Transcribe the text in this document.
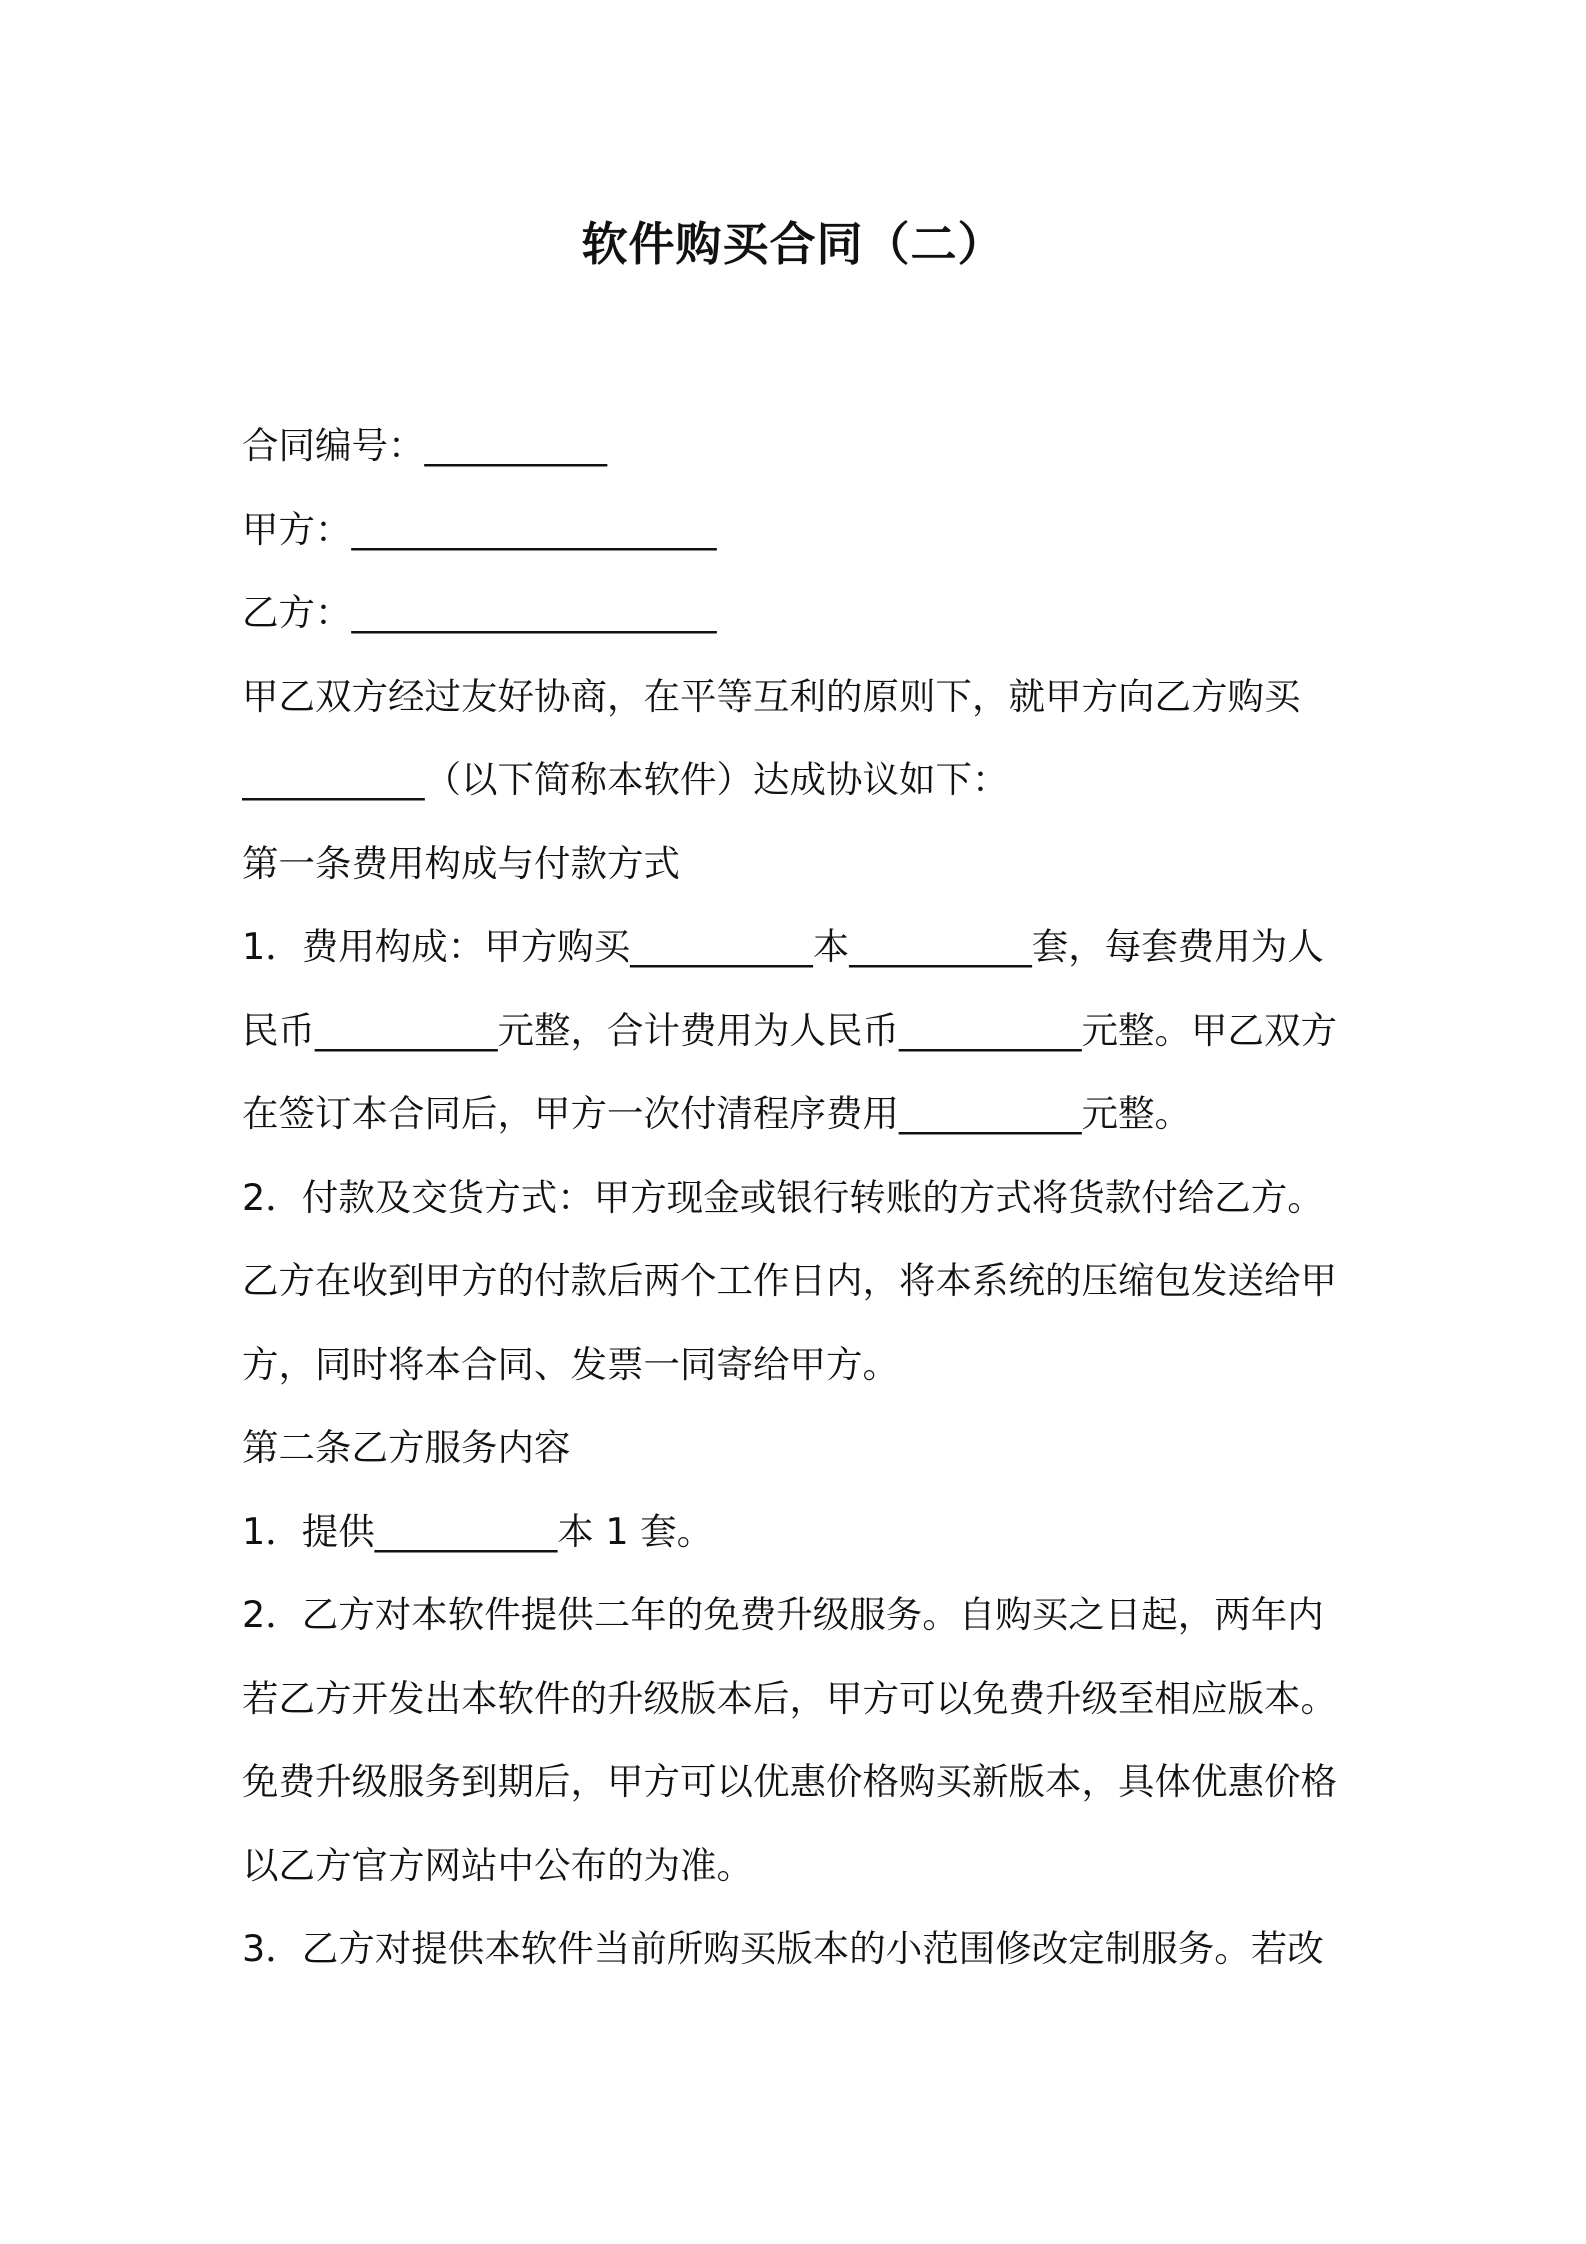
软件购买合同（二）

合同编号：__________

甲方：____________________

乙方：____________________

甲乙双方经过友好协商，在平等互利的原则下，就甲方向乙方购买

__________（以下简称本软件）达成协议如下：

第一条费用构成与付款方式

1．费用构成：甲方购买__________本__________套，每套费用为人

民币__________元整，合计费用为人民币__________元整。甲乙双方

在签订本合同后，甲方一次付清程序费用__________元整。

2．付款及交货方式：甲方现金或银行转账的方式将货款付给乙方。

乙方在收到甲方的付款后两个工作日内，将本系统的压缩包发送给甲

方，同时将本合同、发票一同寄给甲方。

第二条乙方服务内容

1．提供__________本 1 套。

2．乙方对本软件提供二年的免费升级服务。自购买之日起，两年内

若乙方开发出本软件的升级版本后，甲方可以免费升级至相应版本。

免费升级服务到期后，甲方可以优惠价格购买新版本，具体优惠价格

以乙方官方网站中公布的为准。

3．乙方对提供本软件当前所购买版本的小范围修改定制服务。若改
